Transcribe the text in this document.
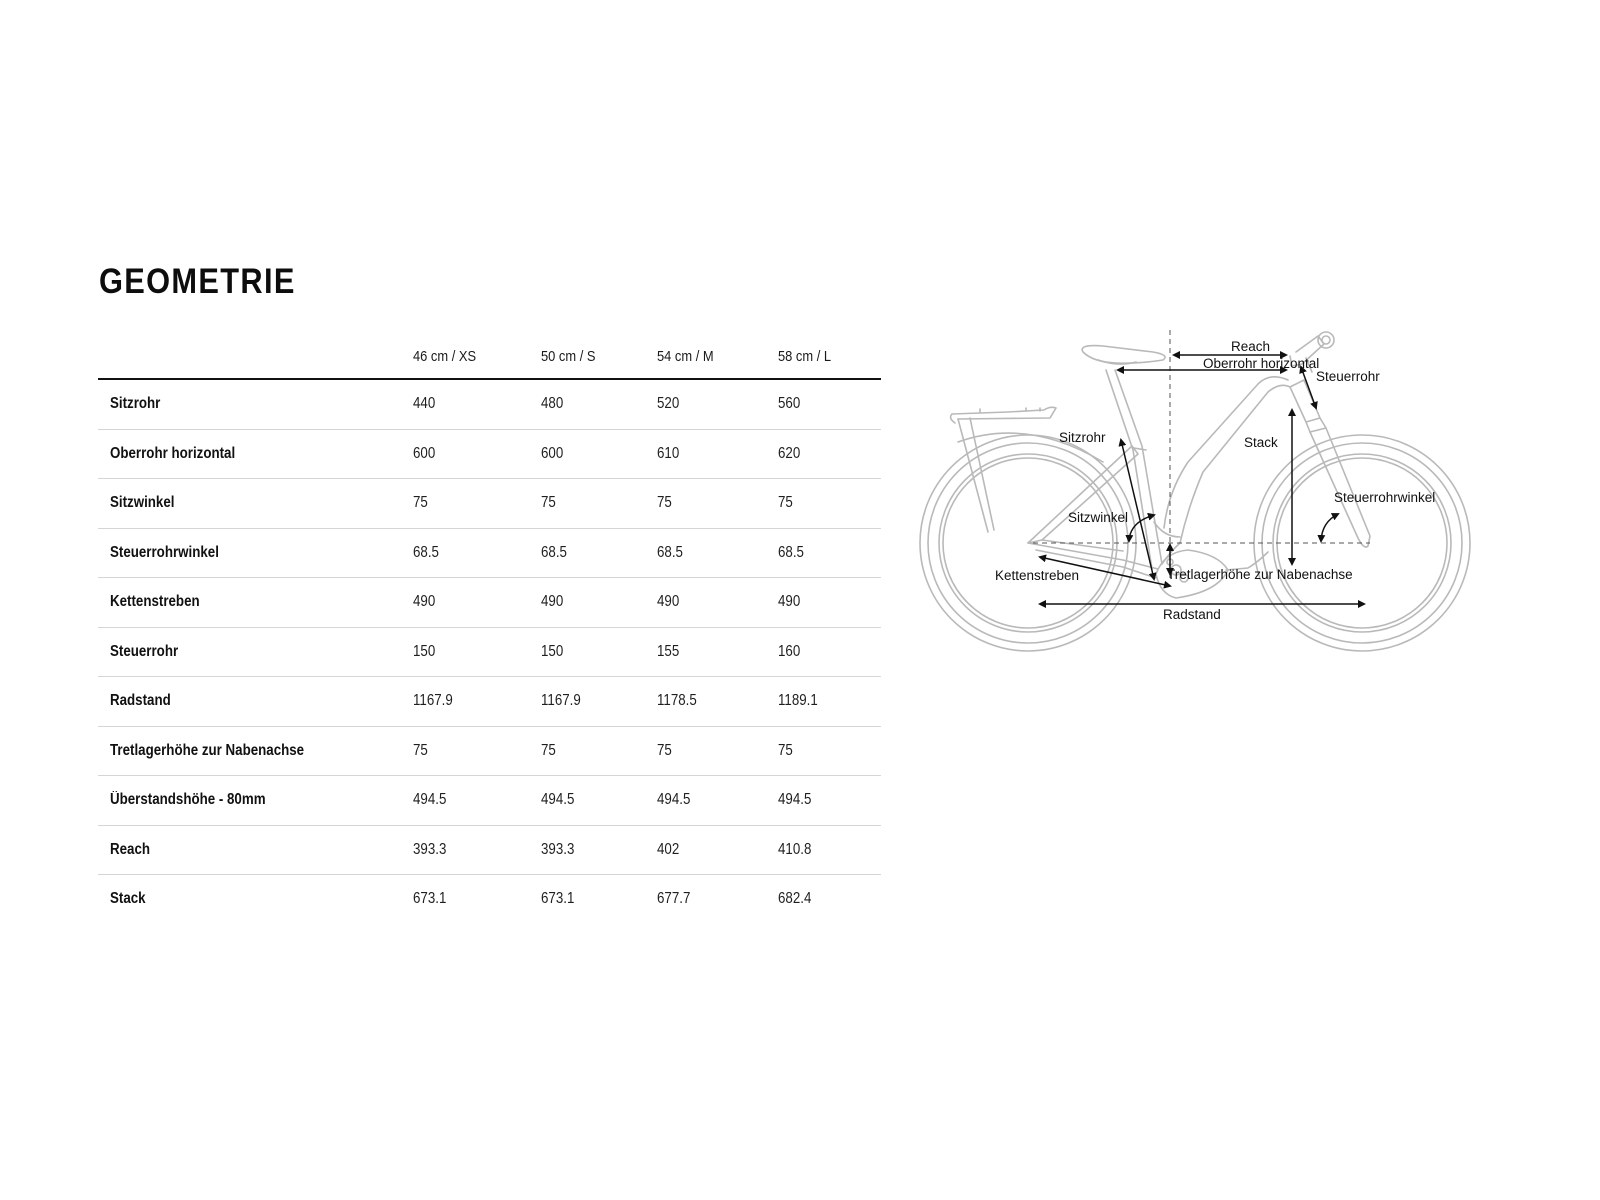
GEOMETRIE
	46 cm / XS	50 cm / S	54 cm / M	58 cm / L
Sitzrohr	440	480	520	560
Oberrohr horizontal	600	600	610	620
Sitzwinkel	75	75	75	75
Steuerrohrwinkel	68.5	68.5	68.5	68.5
Kettenstreben	490	490	490	490
Steuerrohr	150	150	155	160
Radstand	1167.9	1167.9	1178.5	1189.1
Tretlagerhöhe zur Nabenachse	75	75	75	75
Überstandshöhe - 80mm	494.5	494.5	494.5	494.5
Reach	393.3	393.3	402	410.8
Stack	673.1	673.1	677.7	682.4
Reach
Oberrohr horizontal
Steuerrohr
Sitzrohr	Stack
Sitzwinkel
Steuerrohrwinkel
Kettenstreben	Tretlagerhöhe zur Nabenachse
Radstand
